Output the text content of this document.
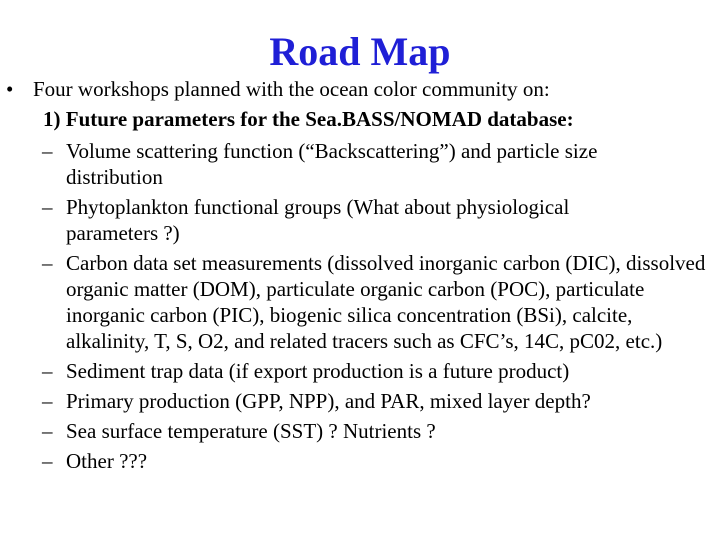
Road Map
• Four workshops planned with the ocean color community on:
1) Future parameters for the Sea.BASS/NOMAD database:
– Volume scattering function (“Backscattering”) and particle size distribution
– Phytoplankton functional groups (What about physiological parameters ?)
– Carbon data set measurements (dissolved inorganic carbon (DIC), dissolved organic matter (DOM), particulate organic carbon (POC), particulate inorganic carbon (PIC), biogenic silica concentration (BSi), calcite, alkalinity, T, S, O2, and related tracers such as CFC’s, 14C, pC02, etc.)
– Sediment trap data (if export production is a future product)
– Primary production (GPP, NPP), and PAR, mixed layer depth?
– Sea surface temperature (SST) ? Nutrients ?
– Other ???
